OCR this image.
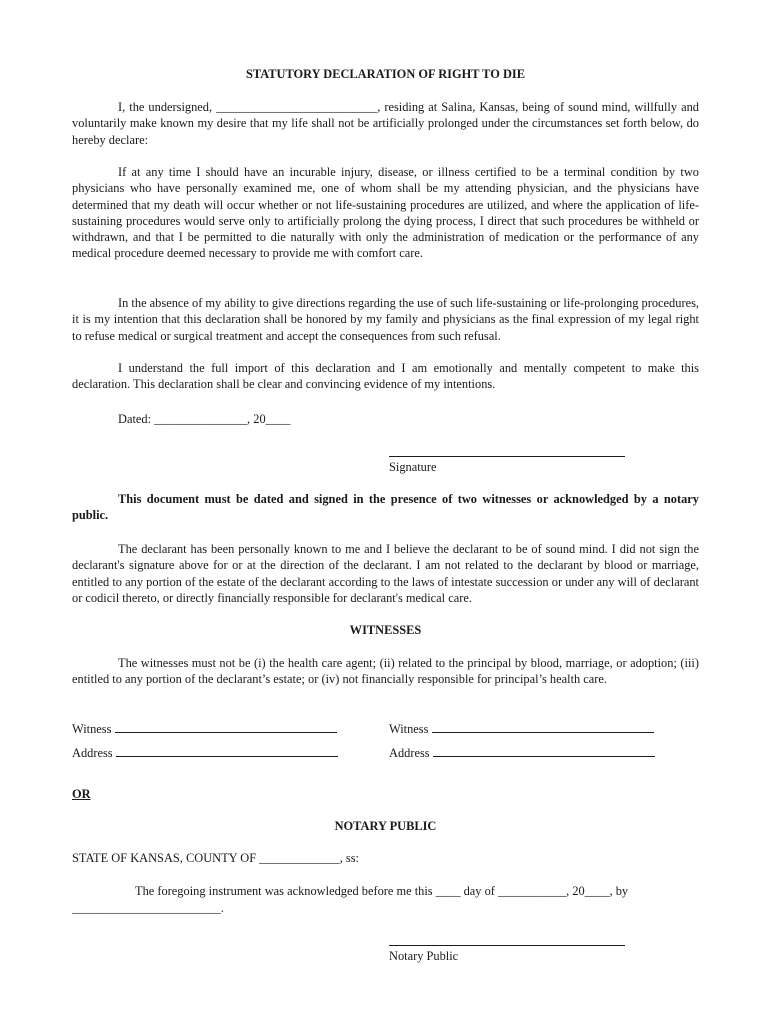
STATUTORY DECLARATION OF RIGHT TO DIE

I, the undersigned, __________________________, residing at Salina, Kansas, being of sound mind, willfully and voluntarily make known my desire that my life shall not be artificially prolonged under the circumstances set forth below, do hereby declare:

If at any time I should have an incurable injury, disease, or illness certified to be a terminal condition by two physicians who have personally examined me, one of whom shall be my attending physician, and the physicians have determined that my death will occur whether or not life-sustaining procedures are utilized, and where the application of life-sustaining procedures would serve only to artificially prolong the dying process, I direct that such procedures be withheld or withdrawn, and that I be permitted to die naturally with only the administration of medication or the performance of any medical procedure deemed necessary to provide me with comfort care.

In the absence of my ability to give directions regarding the use of such life-sustaining or life-prolonging procedures, it is my intention that this declaration shall be honored by my family and physicians as the final expression of my legal right to refuse medical or surgical treatment and accept the consequences from such refusal.

I understand the full import of this declaration and I am emotionally and mentally competent to make this declaration. This declaration shall be clear and convincing evidence of my intentions.

Dated: _______________, 20____
Signature

This document must be dated and signed in the presence of two witnesses or acknowledged by a notary public.

The declarant has been personally known to me and I believe the declarant to be of sound mind. I did not sign the declarant's signature above for or at the direction of the declarant. I am not related to the declarant by blood or marriage, entitled to any portion of the estate of the declarant according to the laws of intestate succession or under any will of declarant or codicil thereto, or directly financially responsible for declarant's medical care.

WITNESSES

The witnesses must not be (i) the health care agent; (ii) related to the principal by blood, marriage, or adoption; (iii) entitled to any portion of the declarant’s estate; or (iv) not financially responsible for principal’s health care.

Witness
Address
Witness
Address
OR
NOTARY PUBLIC
STATE OF KANSAS, COUNTY OF _____________, ss:
The foregoing instrument was acknowledged before me this ____ day of ___________, 20____, by
________________________.
Notary Public
